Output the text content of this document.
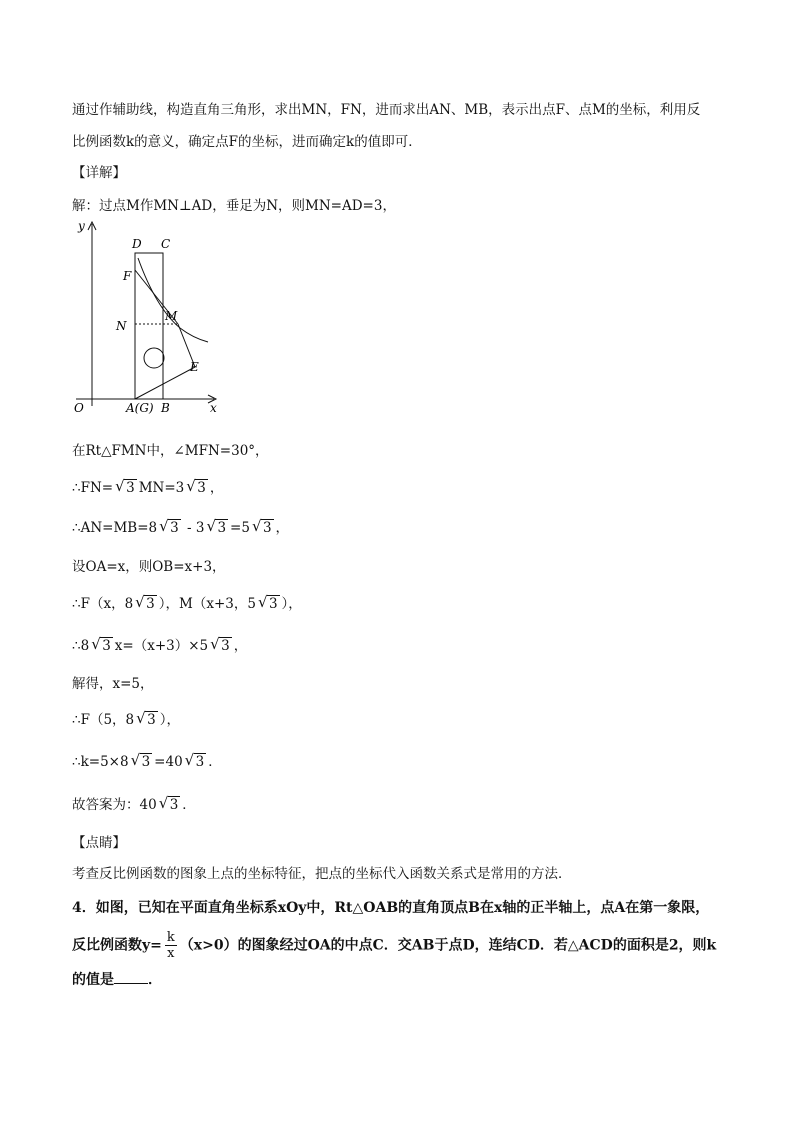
通过作辅助线，构造直角三角形，求出MN，FN，进而求出AN、MB，表示出点F、点M的坐标，利用反
比例函数k的意义，确定点F的坐标，进而确定k的值即可．
【详解】
解：过点M作MN⊥AD，垂足为N，则MN=AD=3，
y
x
O
D C
F
M
N
E
A(G) B
在Rt△FMN中，∠MFN=30°，
∴FN= √ 3 MN=3 √ 3 ，
∴AN=MB=8 √ 3 - 3 √ 3 =5 √ 3 ，
设OA=x，则OB=x+3，
∴F（x，8 √ 3 ），M（x+3，5 √ 3 ），
∴8 √ 3 x=（x+3）×5 √ 3 ，
解得，x=5，
∴F（5，8 √ 3 ），
∴k=5×8 √ 3 =40 √ 3 ．
故答案为：40 √ 3 ．
【点睛】
考查反比例函数的图象上点的坐标特征，把点的坐标代入函数关系式是常用的方法．
4．如图，已知在平面直角坐标系xOy中，Rt△OAB的直角顶点B在x轴的正半轴上，点A在第一象限，
反比例函数$y= \frac{k}{x} (x>0)$的图象经过OA的中点C．交AB于点D，连结CD．若△ACD的面积是2，则k
的值是 ．
